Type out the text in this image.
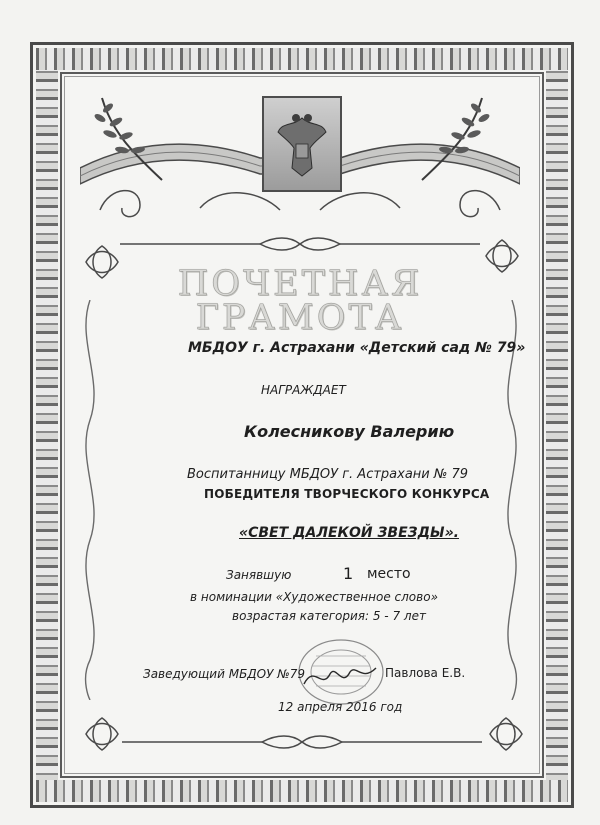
ПОЧЕТНАЯ
ГРАМОТА
МБДОУ г. Астрахани «Детский сад № 79»
НАГРАЖДАЕТ
Колесникову Валерию
Воспитанницу МБДОУ г. Астрахани № 79
ПОБЕДИТЕЛЯ ТВОРЧЕСКОГО КОНКУРСА
«СВЕТ ДАЛЕКОЙ ЗВЕЗДЫ».
Занявшую	1 место
в номинации «Художественное слово»
возрастая категория: 5 - 7 лет
Заведующий МБДОУ №79	Павлова Е.В.
12 апреля 2016 год
